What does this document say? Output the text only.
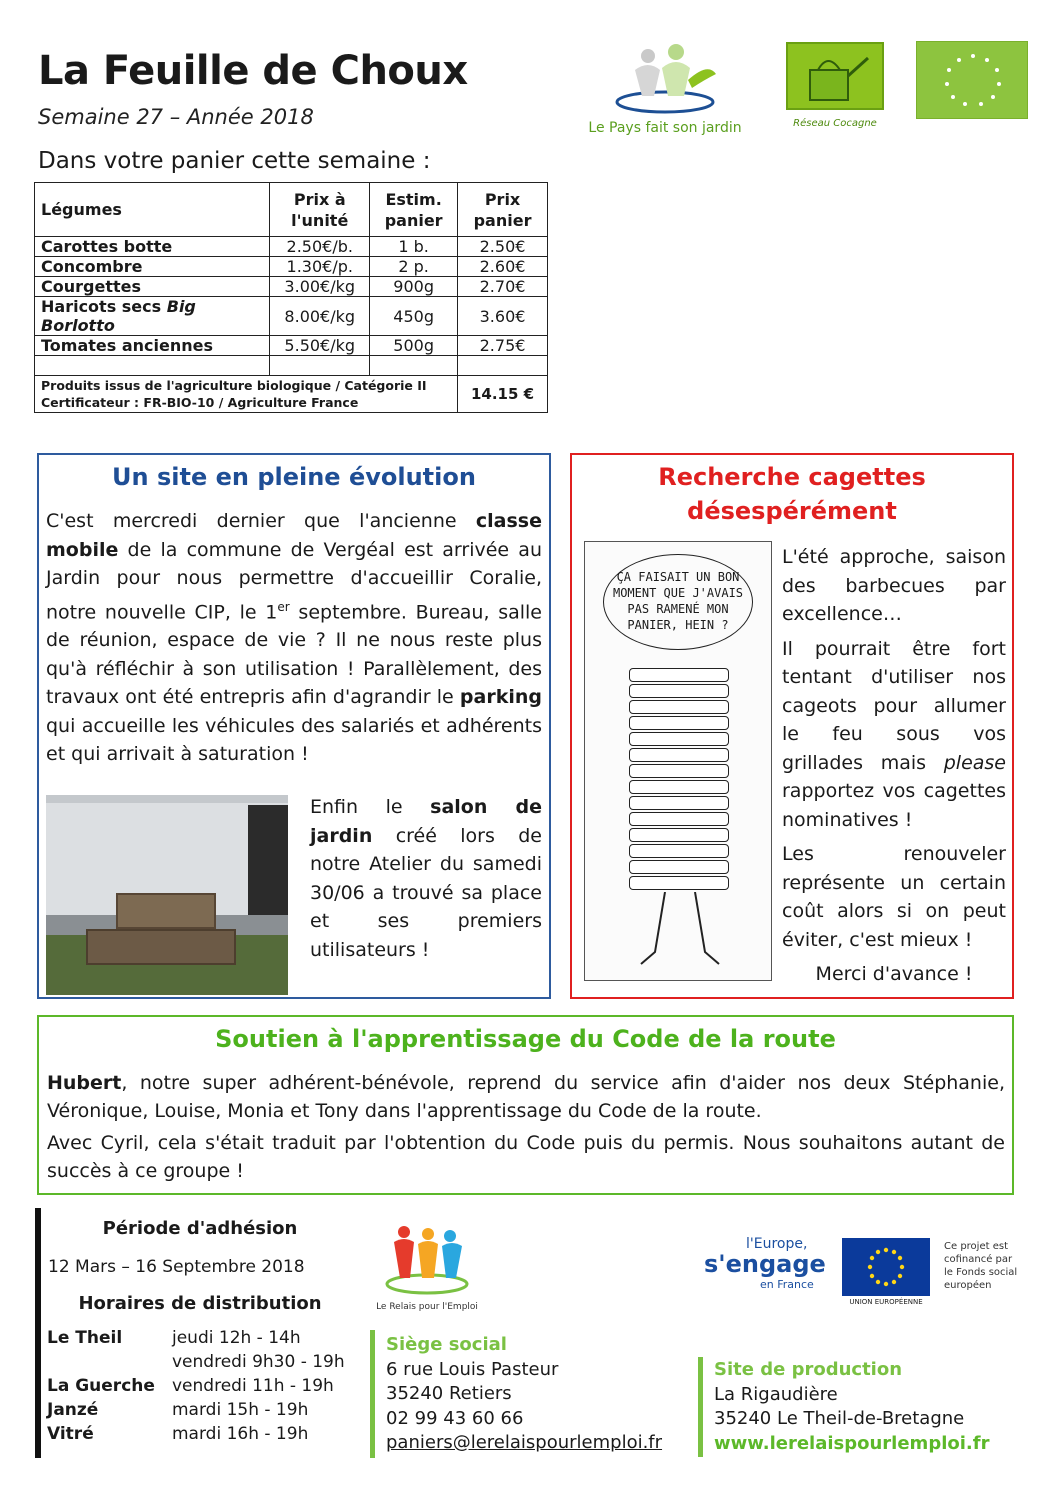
La Feuille de Choux
Semaine 27 – Année 2018
Dans votre panier cette semaine :
Le Pays fait son jardin	Réseau Cocagne
Légumes	Prix à l'unité	Estim. panier	Prix panier
Carottes botte	2.50€/b.	1 b.	2.50€
Concombre	1.30€/p.	2 p.	2.60€
Courgettes	3.00€/kg	900g	2.70€
Haricots secs Big Borlotto	8.00€/kg	450g	3.60€
Tomates anciennes	5.50€/kg	500g	2.75€

Produits issus de l'agriculture biologique / Catégorie II
Certificateur : FR-BIO-10 / Agriculture France			14.15 €
Un site en pleine évolution
C'est mercredi dernier que l'ancienne classe mobile de la commune de Vergéal est arrivée au Jardin pour nous permettre d'accueillir Coralie, notre nouvelle CIP, le 1er septembre. Bureau, salle de réunion, espace de vie ? Il ne nous reste plus qu'à réfléchir à son utilisation ! Parallèlement, des travaux ont été entrepris afin d'agrandir le parking qui accueille les véhicules des salariés et adhérents et qui arrivait à saturation !
Enfin le salon de jardin créé lors de notre Atelier du samedi 30/06 a trouvé sa place et ses premiers utilisateurs !
Recherche cagettes
désespérément
ÇA FAISAIT UN BON MOMENT QUE J'AVAIS PAS RAMENÉ MON PANIER, HEIN ?

L'été approche, saison des barbecues par excellence…

Il pourrait être fort tentant d'utiliser nos cageots pour allumer le feu sous vos grillades mais please rapportez vos cagettes nominatives !

Les renouveler représente un certain coût alors si on peut éviter, c'est mieux !

Merci d'avance !

Soutien à l'apprentissage du Code de la route
Hubert, notre super adhérent-bénévole, reprend du service afin d'aider nos deux Stéphanie, Véronique, Louise, Monia et Tony dans l'apprentissage du Code de la route.
Avec Cyril, cela s'était traduit par l'obtention du Code puis du permis. Nous souhaitons autant de succès à ce groupe !
Période d'adhésion
12 Mars – 16 Septembre 2018
Horaires de distribution
Le Theil	jeudi 12h - 14h
vendredi 9h30 - 19h
La Guerche vendredi 11h - 19h
Janzé	mardi 15h - 19h
Vitré	mardi 16h - 19h
Le Relais pour l'Emploi
l'Europe,
s'engage
en France
UNION EUROPÉENNE
Ce projet est cofinancé par le Fonds social européen
Siège social
6 rue Louis Pasteur
35240 Retiers
02 99 43 60 66
paniers@lerelaispourlemploi.fr
Site de production
La Rigaudière
35240 Le Theil-de-Bretagne
www.lerelaispourlemploi.fr
